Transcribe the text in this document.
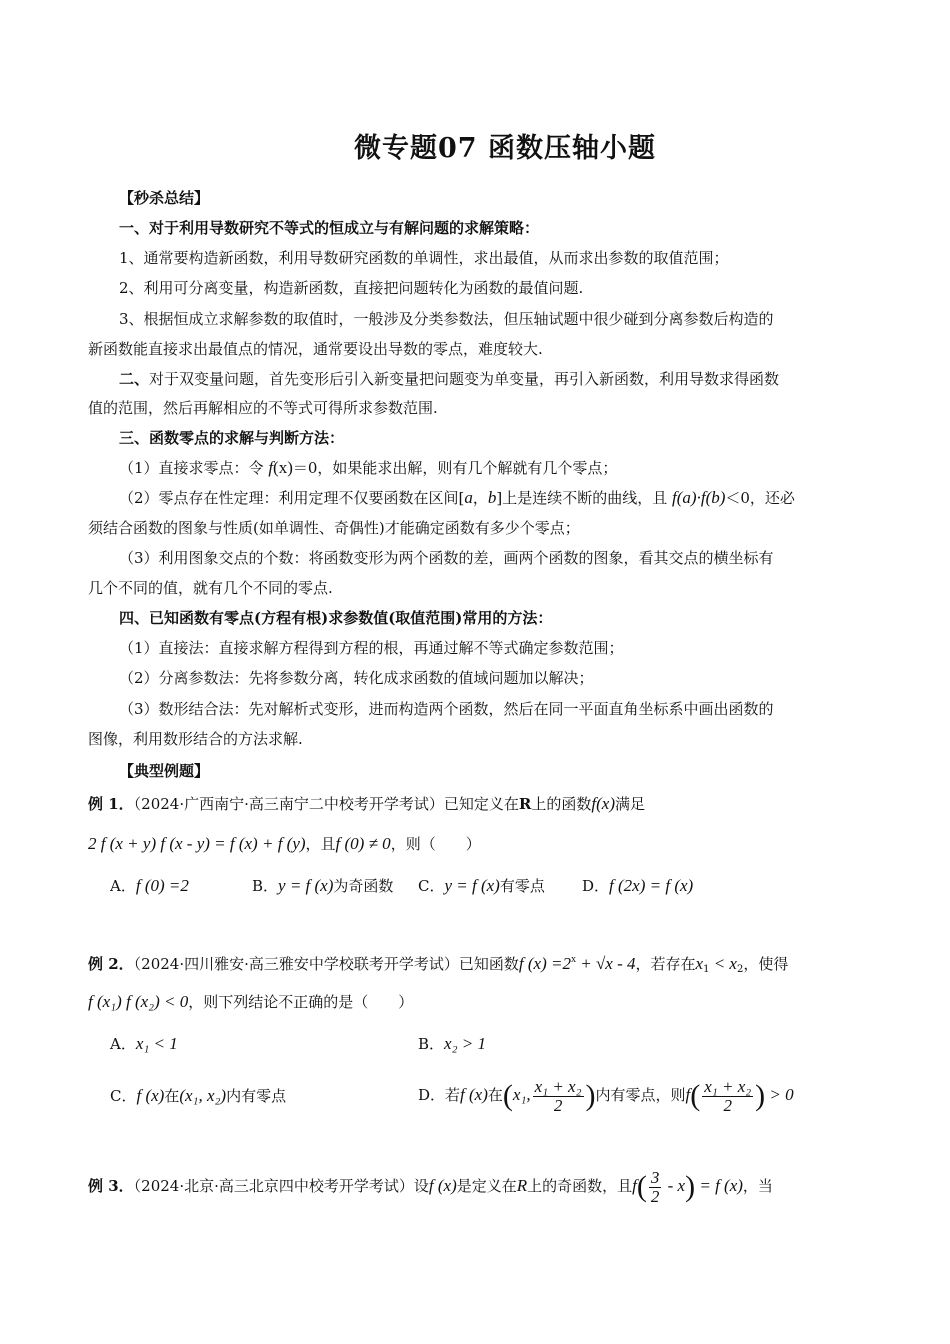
微专题07 函数压轴小题
【秒杀总结】
一、对于利用导数研究不等式的恒成立与有解问题的求解策略：
1、通常要构造新函数，利用导数研究函数的单调性，求出最值，从而求出参数的取值范围；
2、利用可分离变量，构造新函数，直接把问题转化为函数的最值问题.
3、根据恒成立求解参数的取值时，一般涉及分类参数法，但压轴试题中很少碰到分离参数后构造的
新函数能直接求出最值点的情况，通常要设出导数的零点，难度较大.
二、对于双变量问题，首先变形后引入新变量把问题变为单变量，再引入新函数，利用导数求得函数
值的范围，然后再解相应的不等式可得所求参数范围.
三、函数零点的求解与判断方法：
（1）直接求零点：令 f(x)＝0，如果能求出解，则有几个解就有几个零点；
（2）零点存在性定理：利用定理不仅要函数在区间[a，b]上是连续不断的曲线，且 f(a)·f(b)＜0，还必
须结合函数的图象与性质(如单调性、奇偶性)才能确定函数有多少个零点；
（3）利用图象交点的个数：将函数变形为两个函数的差，画两个函数的图象，看其交点的横坐标有
几个不同的值，就有几个不同的零点.
四、已知函数有零点(方程有根)求参数值(取值范围)常用的方法：
（1）直接法：直接求解方程得到方程的根，再通过解不等式确定参数范围；
（2）分离参数法：先将参数分离，转化成求函数的值域问题加以解决；
（3）数形结合法：先对解析式变形，进而构造两个函数，然后在同一平面直角坐标系中画出函数的
图像，利用数形结合的方法求解.
【典型例题】
例 1．（2024·广西南宁·高三南宁二中校考开学考试）已知定义在R上的函数f(x)满足
2 f (x + y) f (x - y) = f (x) + f (y)，且f (0) ≠ 0，则（　　）
A．f (0) =2	B．y = f (x)为奇函数 C．y = f (x)有零点 D．f (2x) = f (x)
例 2．（2024·四川雅安·高三雅安中学校联考开学考试）已知函数f $(x) =2^x + √x - 4$，若存在$x_1 < x_2$，使得
f (x₁) f (x₂) < 0，则下列结论不正确的是（　　）
A．x₁ < 1	B．x₂ > 1
C．f (x)在(x₁, x₂)内有零点	D．若f (x)在(x₁, $\frac{\text{x₁ + x₂}}{2}$ )内有零点，则$f( \frac{\text{x₁ + x₂}}{2}$ ) > 0
例 3．（2024·北京·高三北京四中校考开学考试）设f (x)是定义在R上的奇函数，且$f( \frac{3}{2} - x) = f$ (x)，当
